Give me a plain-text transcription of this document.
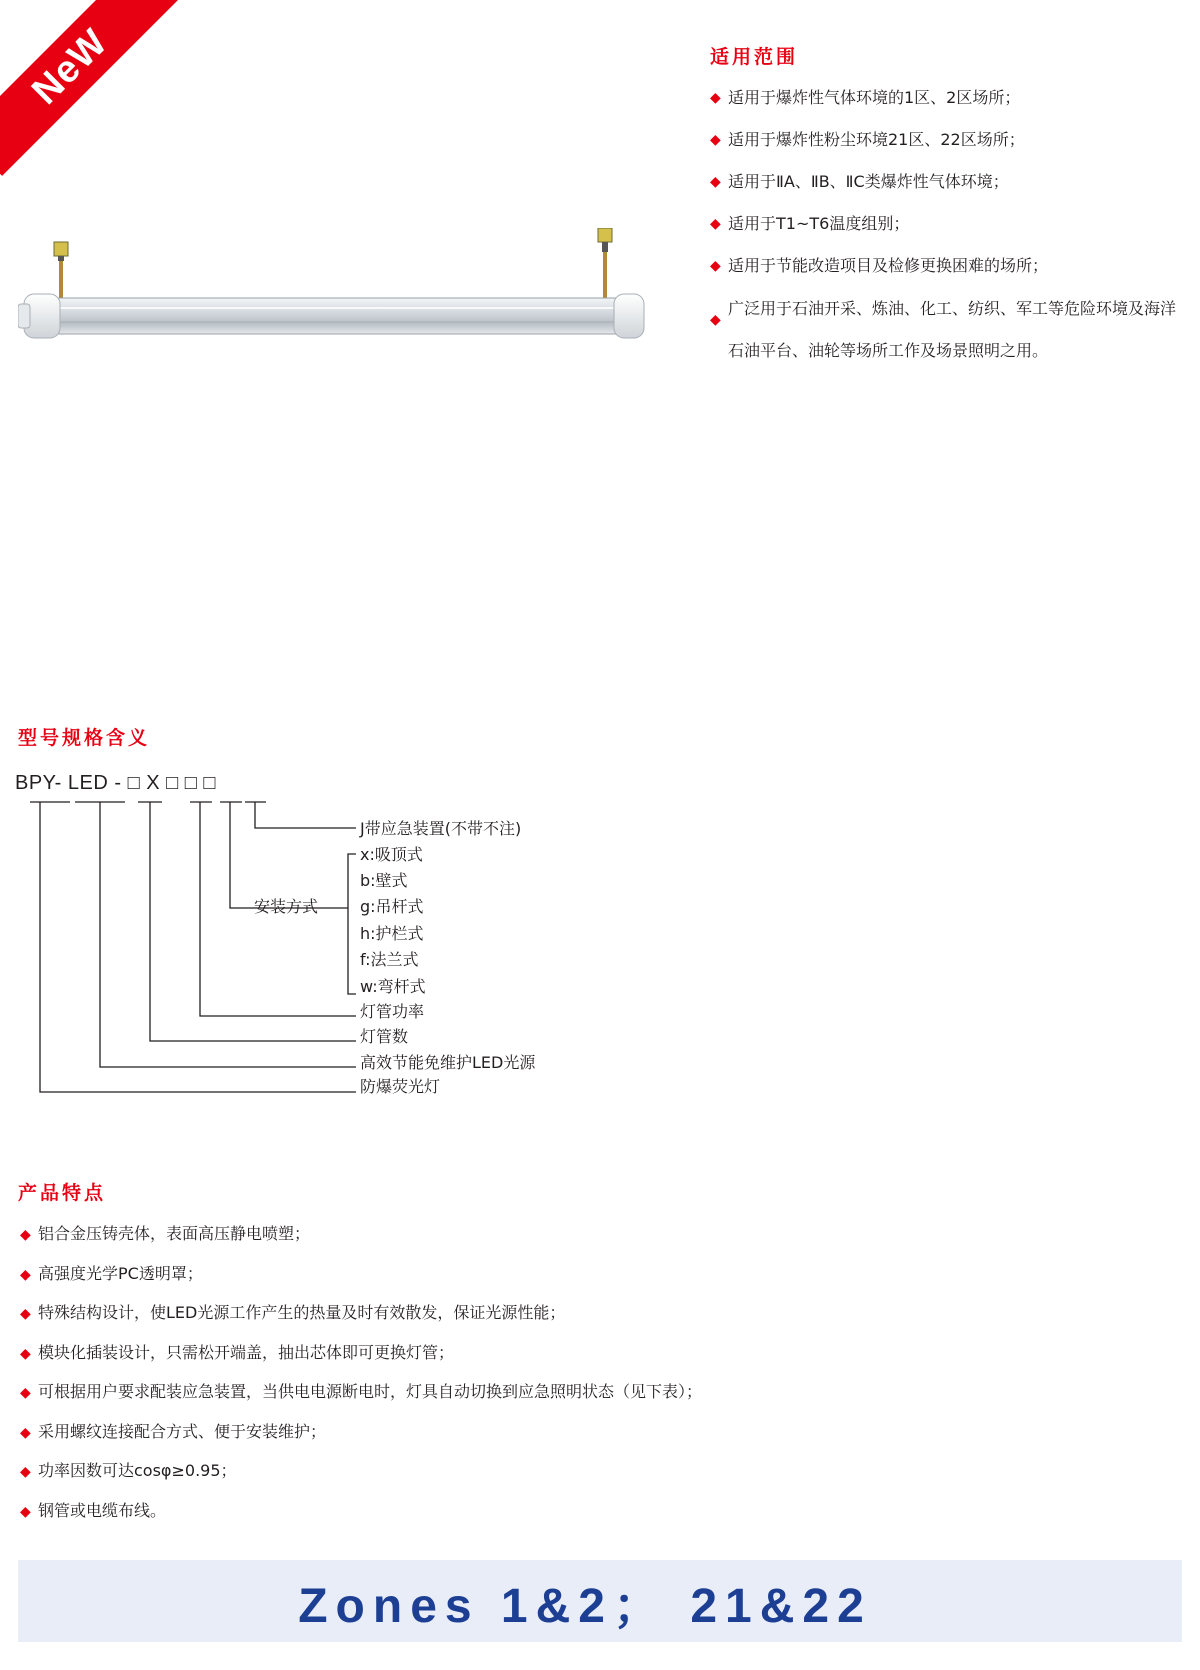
NeW	适用范围
◆ 适用于爆炸性气体环境的1区、2区场所；
◆ 适用于爆炸性粉尘环境21区、22区场所；
◆ 适用于ⅡA、ⅡB、ⅡC类爆炸性气体环境；
◆ 适用于T1~T6温度组别；
◆ 适用于节能改造项目及检修更换困难的场所；
◆
广泛用于石油开采、炼油、化工、纺织、军工等危险环境及海洋石油平台、油轮等场所工作及场景照明之用。
型号规格含义
BPY- LED - □ X □ □ □
J带应急装置(不带不注)
x:吸顶式
b:壁式
安装方式	g:吊杆式
h:护栏式
f:法兰式
w:弯杆式
灯管功率
灯管数
高效节能免维护LED光源
防爆荧光灯
产品特点
◆ 铝合金压铸壳体，表面高压静电喷塑；
◆ 高强度光学PC透明罩；
◆ 特殊结构设计，使LED光源工作产生的热量及时有效散发，保证光源性能；
◆ 模块化插装设计，只需松开端盖，抽出芯体即可更换灯管；
◆ 可根据用户要求配装应急装置，当供电电源断电时，灯具自动切换到应急照明状态（见下表）；
◆ 采用螺纹连接配合方式、便于安装维护；
◆ 功率因数可达cosφ≥0.95；
◆ 钢管或电缆布线。
Zones 1&2； 21&22
